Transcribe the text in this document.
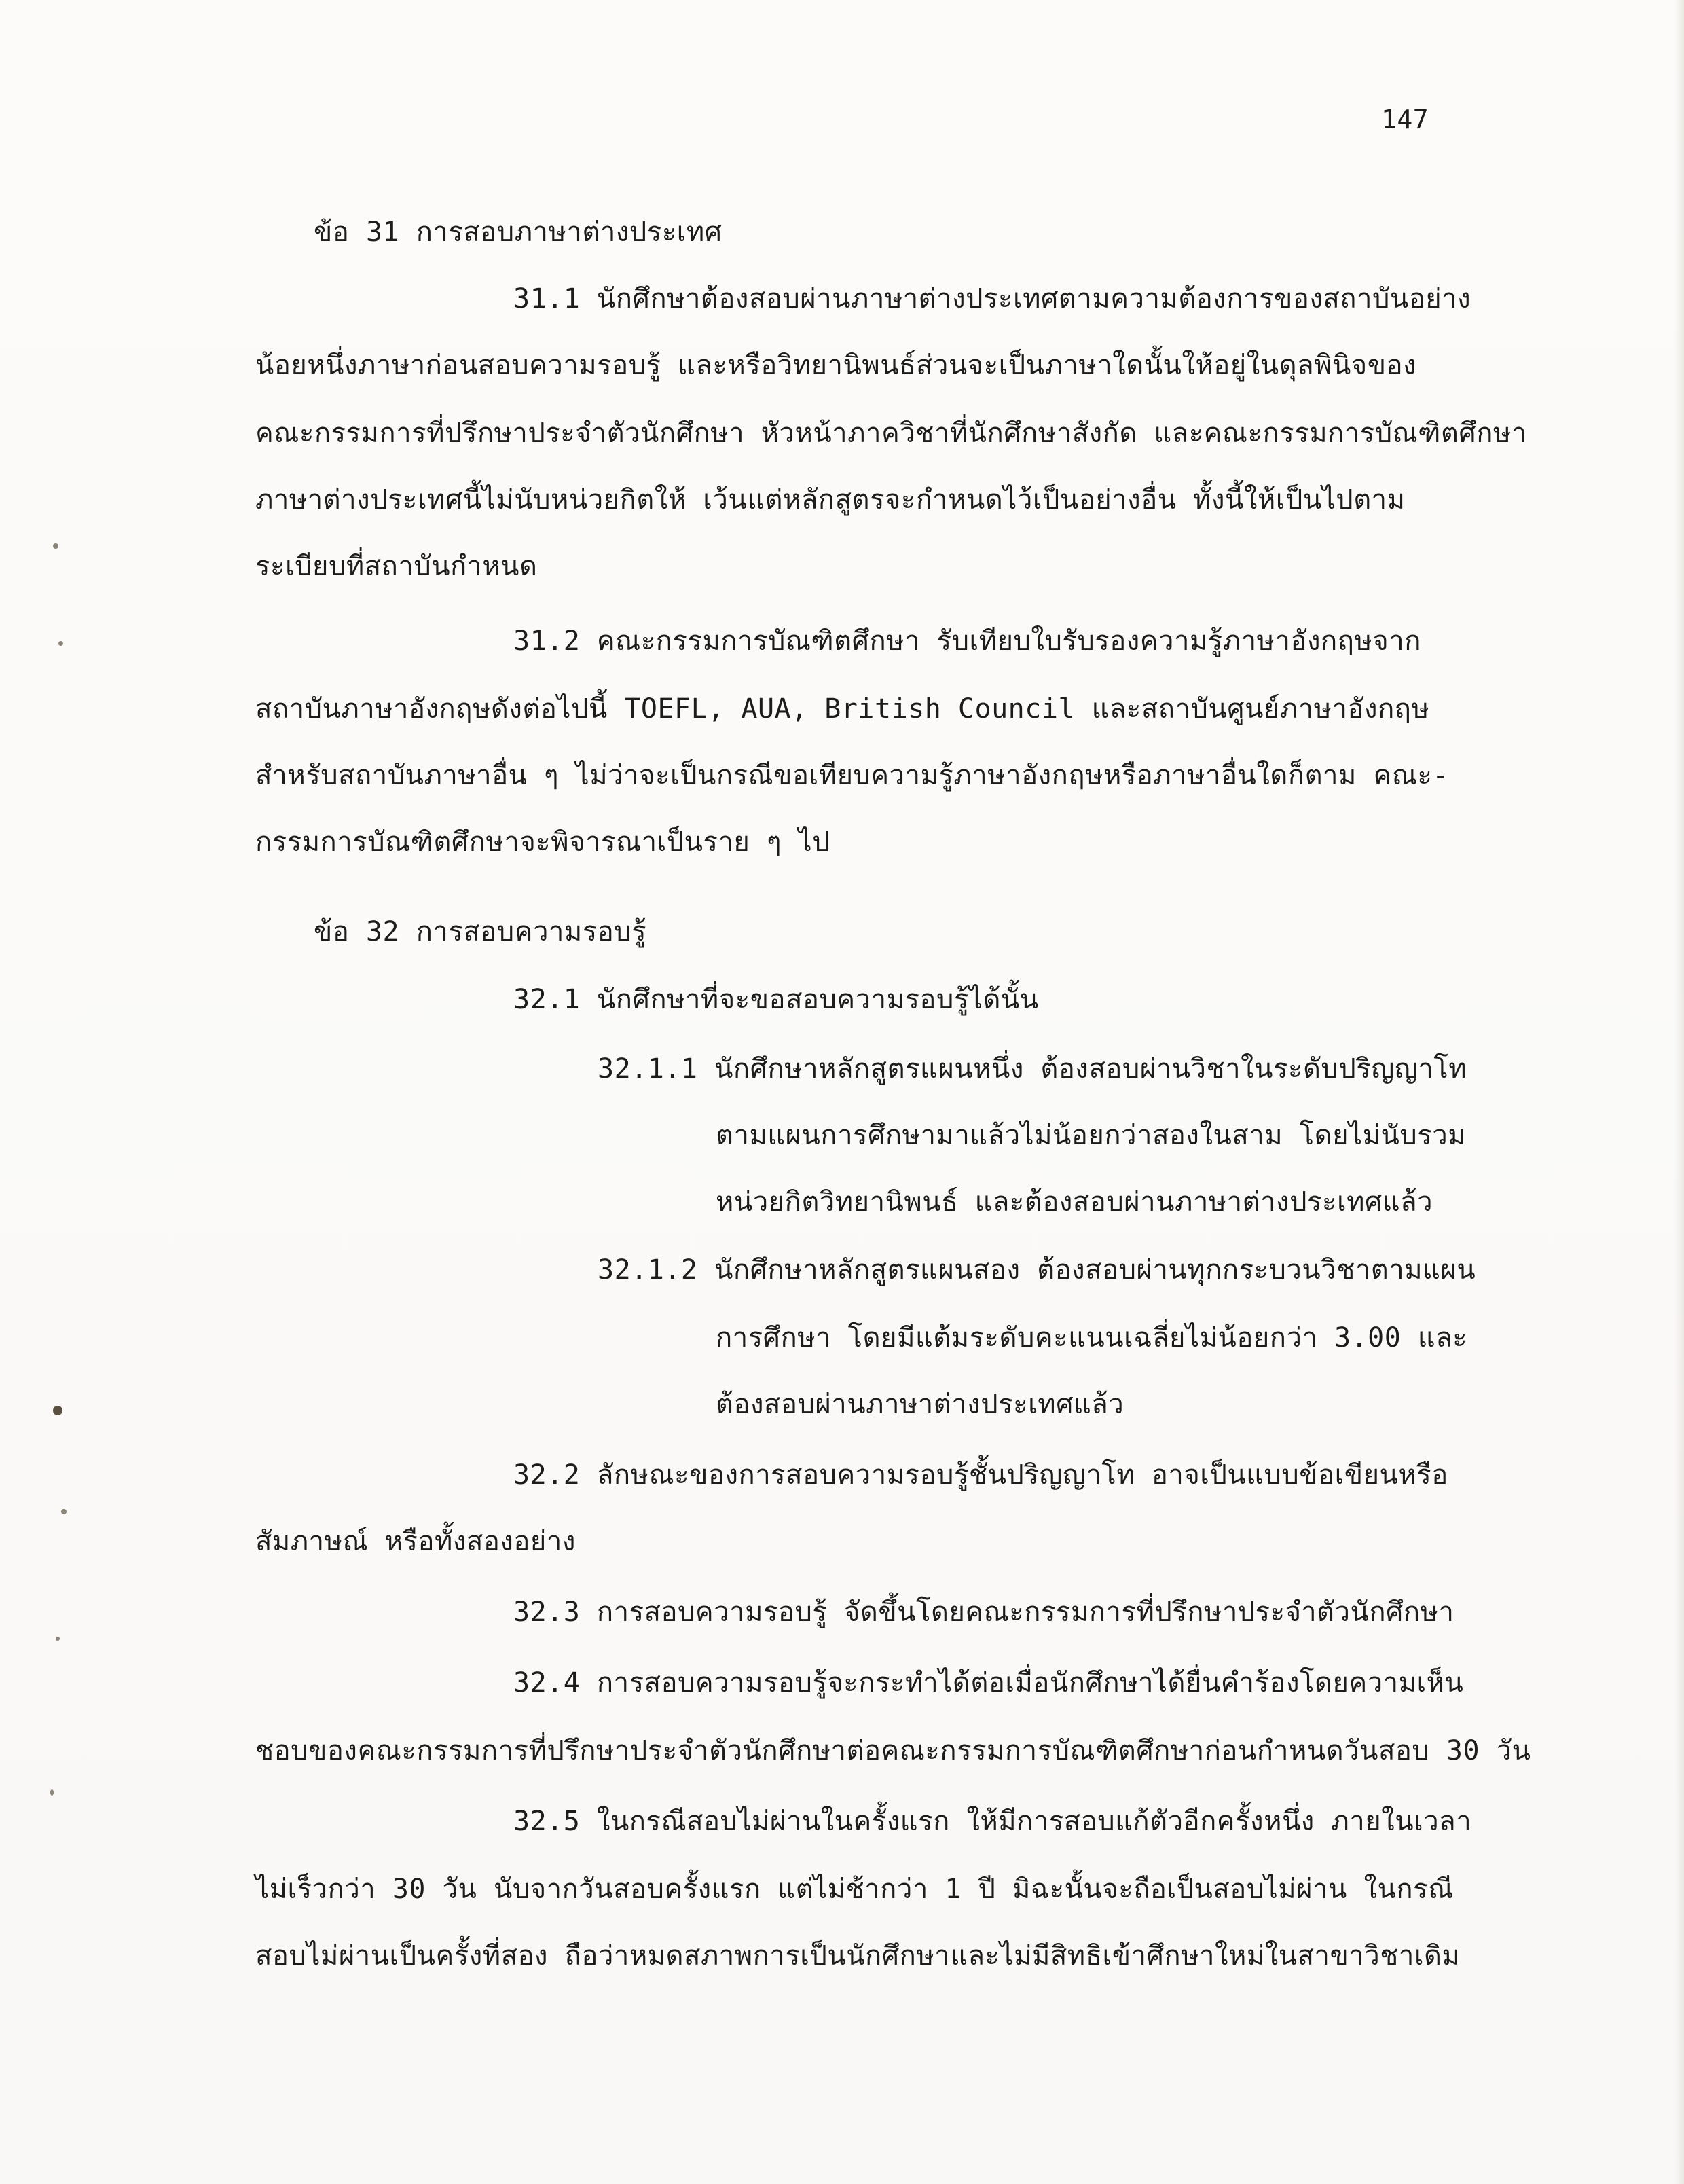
147
ข้อ 31 การสอบภาษาต่างประเทศ
31.1 นักศึกษาต้องสอบผ่านภาษาต่างประเทศตามความต้องการของสถาบันอย่าง
น้อยหนึ่งภาษาก่อนสอบความรอบรู้ และหรือวิทยานิพนธ์ส่วนจะเป็นภาษาใดนั้นให้อยู่ในดุลพินิจของ
คณะกรรมการที่ปรึกษาประจำตัวนักศึกษา หัวหน้าภาควิชาที่นักศึกษาสังกัด และคณะกรรมการบัณฑิตศึกษา
ภาษาต่างประเทศนี้ไม่นับหน่วยกิตให้ เว้นแต่หลักสูตรจะกำหนดไว้เป็นอย่างอื่น ทั้งนี้ให้เป็นไปตาม
ระเบียบที่สถาบันกำหนด
31.2 คณะกรรมการบัณฑิตศึกษา รับเทียบใบรับรองความรู้ภาษาอังกฤษจาก
สถาบันภาษาอังกฤษดังต่อไปนี้ TOEFL, AUA, British Council และสถาบันศูนย์ภาษาอังกฤษ
สำหรับสถาบันภาษาอื่น ๆ ไม่ว่าจะเป็นกรณีขอเทียบความรู้ภาษาอังกฤษหรือภาษาอื่นใดก็ตาม คณะ-
กรรมการบัณฑิตศึกษาจะพิจารณาเป็นราย ๆ ไป
ข้อ 32 การสอบความรอบรู้
32.1 นักศึกษาที่จะขอสอบความรอบรู้ได้นั้น
32.1.1 นักศึกษาหลักสูตรแผนหนึ่ง ต้องสอบผ่านวิชาในระดับปริญญาโท
ตามแผนการศึกษามาแล้วไม่น้อยกว่าสองในสาม โดยไม่นับรวม
หน่วยกิตวิทยานิพนธ์ และต้องสอบผ่านภาษาต่างประเทศแล้ว
32.1.2 นักศึกษาหลักสูตรแผนสอง ต้องสอบผ่านทุกกระบวนวิชาตามแผน
การศึกษา โดยมีแต้มระดับคะแนนเฉลี่ยไม่น้อยกว่า 3.00 และ
ต้องสอบผ่านภาษาต่างประเทศแล้ว
32.2 ลักษณะของการสอบความรอบรู้ชั้นปริญญาโท อาจเป็นแบบข้อเขียนหรือ
สัมภาษณ์ หรือทั้งสองอย่าง
32.3 การสอบความรอบรู้ จัดขึ้นโดยคณะกรรมการที่ปรึกษาประจำตัวนักศึกษา
32.4 การสอบความรอบรู้จะกระทำได้ต่อเมื่อนักศึกษาได้ยื่นคำร้องโดยความเห็น
ชอบของคณะกรรมการที่ปรึกษาประจำตัวนักศึกษาต่อคณะกรรมการบัณฑิตศึกษาก่อนกำหนดวันสอบ 30 วัน
32.5 ในกรณีสอบไม่ผ่านในครั้งแรก ให้มีการสอบแก้ตัวอีกครั้งหนึ่ง ภายในเวลา
ไม่เร็วกว่า 30 วัน นับจากวันสอบครั้งแรก แต่ไม่ช้ากว่า 1 ปี มิฉะนั้นจะถือเป็นสอบไม่ผ่าน ในกรณี
สอบไม่ผ่านเป็นครั้งที่สอง ถือว่าหมดสภาพการเป็นนักศึกษาและไม่มีสิทธิเข้าศึกษาใหม่ในสาขาวิชาเดิม
